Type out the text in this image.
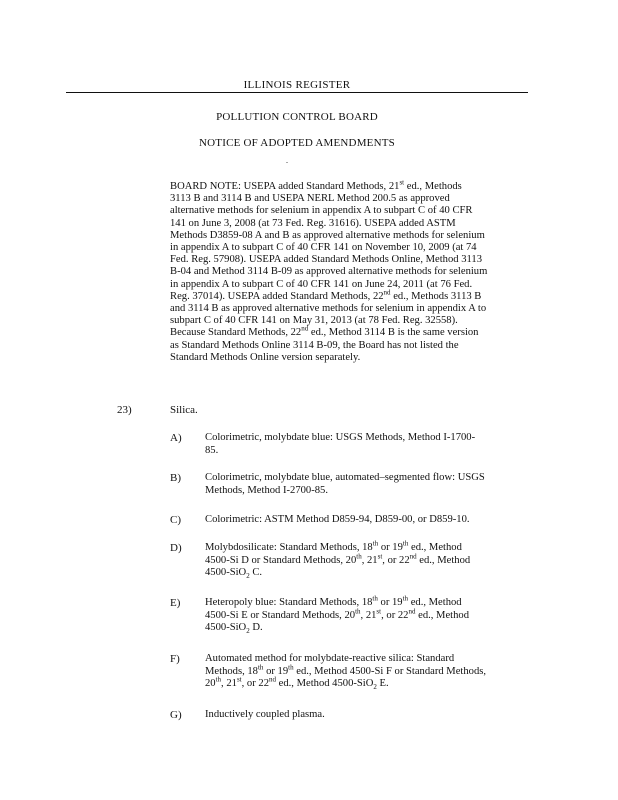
ILLINOIS REGISTER
POLLUTION CONTROL BOARD
NOTICE OF ADOPTED AMENDMENTS
.
BOARD NOTE: USEPA added Standard Methods, 21st ed., Methods
3113 B and 3114 B and USEPA NERL Method 200.5 as approved
alternative methods for selenium in appendix A to subpart C of 40 CFR
141 on June 3, 2008 (at 73 Fed. Reg. 31616). USEPA added ASTM
Methods D3859-08 A and B as approved alternative methods for selenium
in appendix A to subpart C of 40 CFR 141 on November 10, 2009 (at 74
Fed. Reg. 57908). USEPA added Standard Methods Online, Method 3113
B-04 and Method 3114 B-09 as approved alternative methods for selenium
in appendix A to subpart C of 40 CFR 141 on June 24, 2011 (at 76 Fed.
Reg. 37014). USEPA added Standard Methods, 22nd ed., Methods 3113 B
and 3114 B as approved alternative methods for selenium in appendix A to
subpart C of 40 CFR 141 on May 31, 2013 (at 78 Fed. Reg. 32558).
Because Standard Methods, 22nd ed., Method 3114 B is the same version
as Standard Methods Online 3114 B-09, the Board has not listed the
Standard Methods Online version separately.
23)	Silica.
A) Colorimetric, molybdate blue: USGS Methods, Method I-1700-
85.
B) Colorimetric, molybdate blue, automated–segmented flow: USGS
Methods, Method I-2700-85.
C) Colorimetric: ASTM Method D859-94, D859-00, or D859-10.
D) Molybdosilicate: Standard Methods, 18th or 19th ed., Method
4500-Si D or Standard Methods, 20th, 21st, or 22nd ed., Method
4500-SiO$_2$ C.
E) Heteropoly blue: Standard Methods, 18th or 19th ed., Method
4500-Si E or Standard Methods, 20th, 21st, or 22nd ed., Method
4500-SiO$_2$ D.
F) Automated method for molybdate-reactive silica: Standard
Methods, 18th or 19th ed., Method 4500-Si F or Standard Methods,
20th, 21st, or 22nd ed., Method 4500-SiO$_2$ E.
G) Inductively coupled plasma.
